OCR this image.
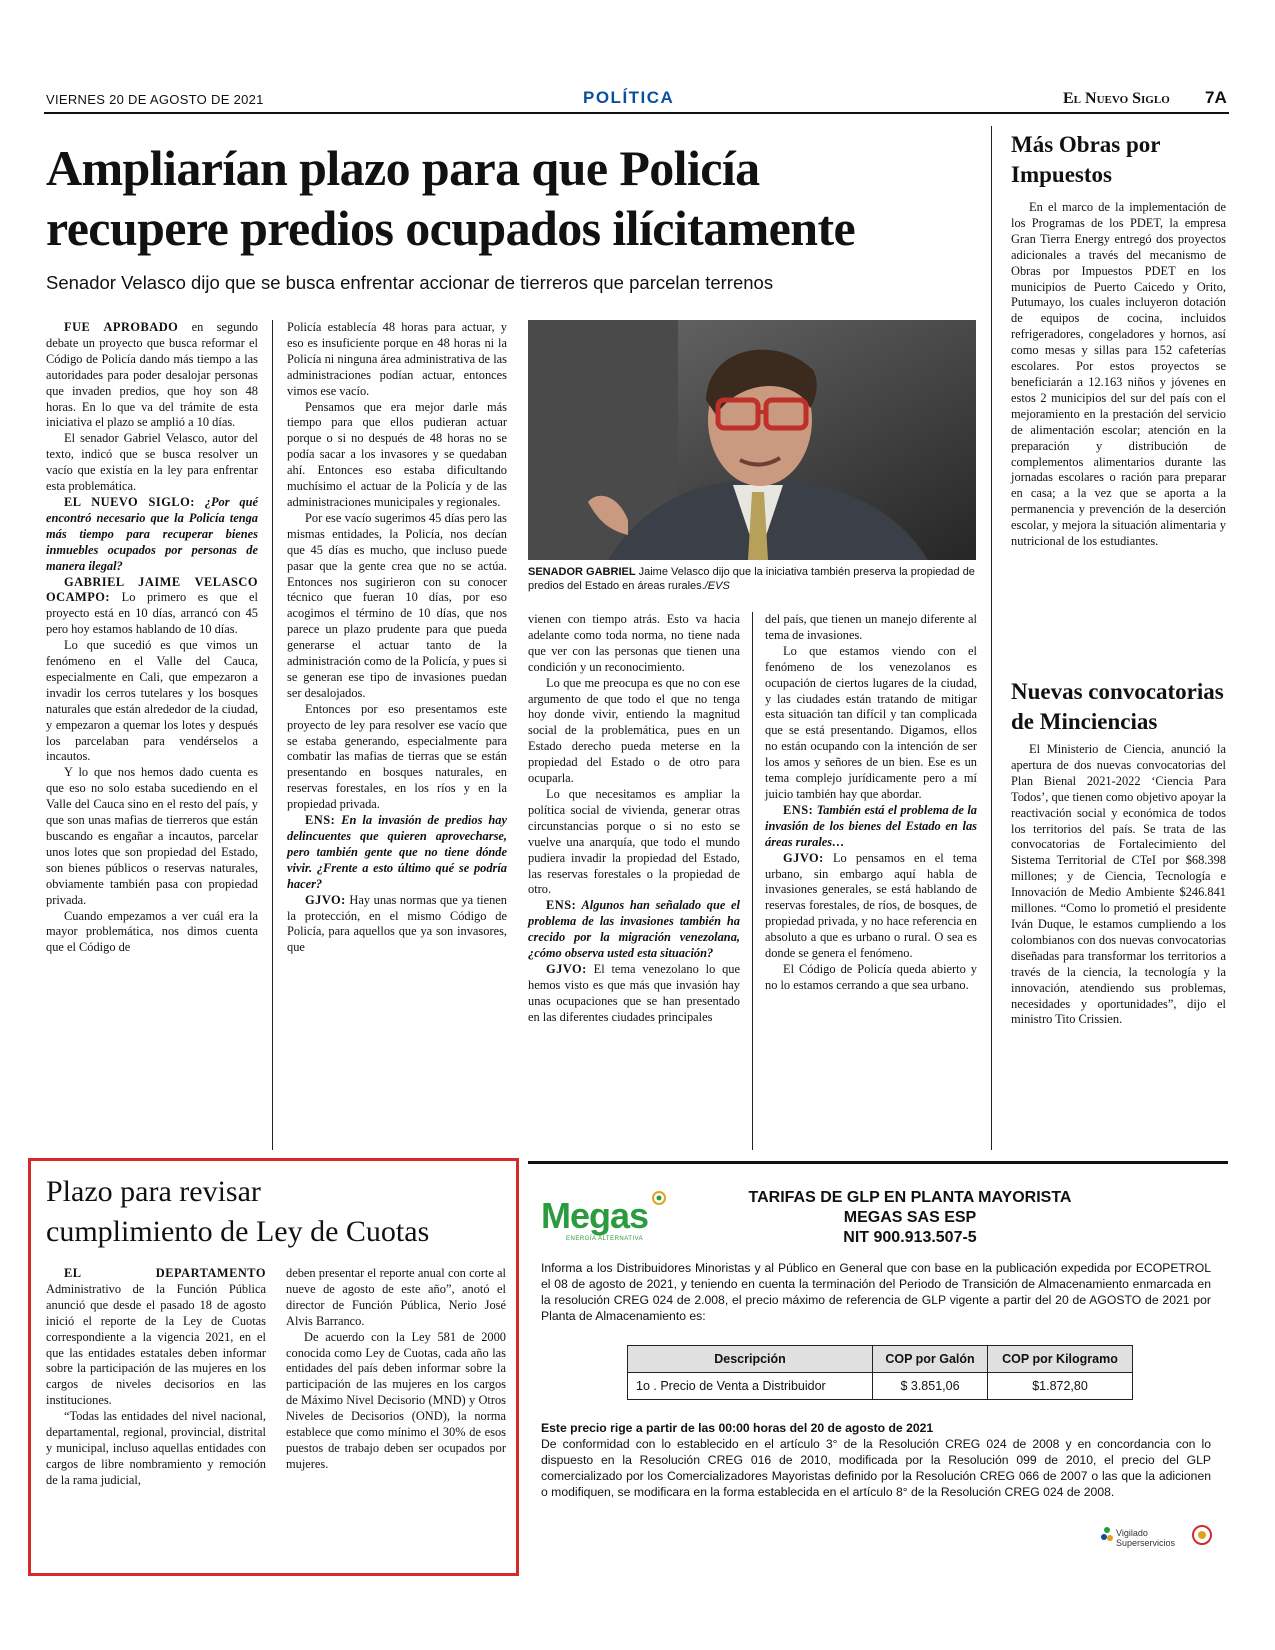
VIERNES 20 DE AGOSTO DE 2021	POLÍTICA	El Nuevo Siglo 7A
Ampliarían plazo para que Policía
recupere predios ocupados ilícitamente
Senador Velasco dijo que se busca enfrentar accionar de tierreros que parcelan terrenos

FUE APROBADO en segundo debate un proyecto que busca reformar el Código de Policía dando más tiempo a las autoridades para poder desalojar personas que invaden predios, que hoy son 48 horas. En lo que va del trámite de esta iniciativa el plazo se amplió a 10 días.

El senador Gabriel Velasco, autor del texto, indicó que se busca resolver un vacío que existía en la ley para enfrentar esta problemática.

EL NUEVO SIGLO: ¿Por qué encontró necesario que la Policía tenga más tiempo para recuperar bienes inmuebles ocupados por personas de manera ilegal?

GABRIEL JAIME VELASCO OCAMPO: Lo primero es que el proyecto está en 10 días, arrancó con 45 pero hoy estamos hablando de 10 días.

Lo que sucedió es que vimos un fenómeno en el Valle del Cauca, especialmente en Cali, que empezaron a invadir los cerros tutelares y los bosques naturales que están alrededor de la ciudad, y empezaron a quemar los lotes y después los parcelaban para vendérselos a incautos.

Y lo que nos hemos dado cuenta es que eso no solo estaba sucediendo en el Valle del Cauca sino en el resto del país, y que son unas mafias de tierreros que están buscando es engañar a incautos, parcelar unos lotes que son propiedad del Estado, son bienes públicos o reservas naturales, obviamente también pasa con propiedad privada.

Cuando empezamos a ver cuál era la mayor problemática, nos dimos cuenta que el Código de

Policía establecía 48 horas para actuar, y eso es insuficiente porque en 48 horas ni la Policía ni ninguna área administrativa de las administraciones podían actuar, entonces vimos ese vacío.

Pensamos que era mejor darle más tiempo para que ellos pudieran actuar porque o si no después de 48 horas no se podía sacar a los invasores y se quedaban ahí. Entonces eso estaba dificultando muchísimo el actuar de la Policía y de las administraciones municipales y regionales.

Por ese vacío sugerimos 45 días pero las mismas entidades, la Policía, nos decían que 45 días es mucho, que incluso puede pasar que la gente crea que no se actúa. Entonces nos sugirieron con su conocer técnico que fueran 10 días, por eso acogimos el término de 10 días, que nos parece un plazo prudente para que pueda generarse el actuar tanto de la administración como de la Policía, y pues si se generan ese tipo de invasiones puedan ser desalojados.

Entonces por eso presentamos este proyecto de ley para resolver ese vacío que se estaba generando, especialmente para combatir las mafias de tierras que se están presentando en bosques naturales, en reservas forestales, en los ríos y en la propiedad privada.

ENS: En la invasión de predios hay delincuentes que quieren aprovecharse, pero también gente que no tiene dónde vivir. ¿Frente a esto último qué se podría hacer?

GJVO: Hay unas normas que ya tienen la protección, en el mismo Código de Policía, para aquellos que ya son invasores, que

SENADOR GABRIEL Jaime Velasco dijo que la iniciativa también preserva la propiedad de predios del Estado en áreas rurales./EVS

vienen con tiempo atrás. Esto va hacia adelante como toda norma, no tiene nada que ver con las personas que tienen una condición y un reconocimiento.

Lo que me preocupa es que no con ese argumento de que todo el que no tenga hoy donde vivir, entiendo la magnitud social de la problemática, pues en un Estado derecho pueda meterse en la propiedad del Estado o de otro para ocuparla.

Lo que necesitamos es ampliar la política social de vivienda, generar otras circunstancias porque o si no esto se vuelve una anarquía, que todo el mundo pudiera invadir la propiedad del Estado, las reservas forestales o la propiedad de otro.

ENS: Algunos han señalado que el problema de las invasiones también ha crecido por la migración venezolana, ¿cómo observa usted esta situación?

GJVO: El tema venezolano lo que hemos visto es que más que invasión hay unas ocupaciones que se han presentado en las diferentes ciudades principales

del país, que tienen un manejo diferente al tema de invasiones.

Lo que estamos viendo con el fenómeno de los venezolanos es ocupación de ciertos lugares de la ciudad, y las ciudades están tratando de mitigar esta situación tan difícil y tan complicada que se está presentando. Digamos, ellos no están ocupando con la intención de ser los amos y señores de un bien. Ese es un tema complejo jurídicamente pero a mí juicio también hay que abordar.

ENS: También está el problema de la invasión de los bienes del Estado en las áreas rurales…

GJVO: Lo pensamos en el tema urbano, sin embargo aquí habla de invasiones generales, se está hablando de reservas forestales, de ríos, de bosques, de propiedad privada, y no hace referencia en absoluto a que es urbano o rural. O sea es donde se genera el fenómeno.

El Código de Policía queda abierto y no lo estamos cerrando a que sea urbano.

Más Obras por Impuestos

En el marco de la implementación de los Programas de los PDET, la empresa Gran Tierra Energy entregó dos proyectos adicionales a través del mecanismo de Obras por Impuestos PDET en los municipios de Puerto Caicedo y Orito, Putumayo, los cuales incluyeron dotación de equipos de cocina, incluidos refrigeradores, congeladores y hornos, así como mesas y sillas para 152 cafeterías escolares. Por estos proyectos se beneficiarán a 12.163 niños y jóvenes en estos 2 municipios del sur del país con el mejoramiento en la prestación del servicio de alimentación escolar; atención en la preparación y distribución de complementos alimentarios durante las jornadas escolares o ración para preparar en casa; a la vez que se aporta a la permanencia y prevención de la deserción escolar, y mejora la situación alimentaria y nutricional de los estudiantes.

Nuevas convocatorias de Minciencias

El Ministerio de Ciencia, anunció la apertura de dos nuevas convocatorias del Plan Bienal 2021-2022 ‘Ciencia Para Todos’, que tienen como objetivo apoyar la reactivación social y económica de todos los territorios del país. Se trata de las convocatorias de Fortalecimiento del Sistema Territorial de CTeI por $68.398 millones; y de Ciencia, Tecnología e Innovación de Medio Ambiente $246.841 millones. “Como lo prometió el presidente Iván Duque, le estamos cumpliendo a los colombianos con dos nuevas convocatorias diseñadas para transformar los territorios a través de la ciencia, la tecnología y la innovación, atendiendo sus problemas, necesidades y oportunidades”, dijo el ministro Tito Crissien.

Plazo para revisar
cumplimiento de Ley de Cuotas

EL DEPARTAMENTO Administrativo de la Función Pública anunció que desde el pasado 18 de agosto inició el reporte de la Ley de Cuotas correspondiente a la vigencia 2021, en el que las entidades estatales deben informar sobre la participación de las mujeres en los cargos de niveles decisorios en las instituciones.

“Todas las entidades del nivel nacional, departamental, regional, provincial, distrital y municipal, incluso aquellas entidades con cargos de libre nombramiento y remoción de la rama judicial,

deben presentar el reporte anual con corte al nueve de agosto de este año”, anotó el director de Función Pública, Nerio José Alvis Barranco.

De acuerdo con la Ley 581 de 2000 conocida como Ley de Cuotas, cada año las entidades del país deben informar sobre la participación de las mujeres en los cargos de Máximo Nivel Decisorio (MND) y Otros Niveles de Decisorios (OND), la norma establece que como mínimo el 30% de esos puestos de trabajo deben ser ocupados por mujeres.

Megas
ENERGÍA ALTERNATIVA
TARIFAS DE GLP EN PLANTA MAYORISTA
MEGAS SAS ESP
NIT 900.913.507-5
Informa a los Distribuidores Minoristas y al Público en General que con base en la publicación expedida por ECOPETROL el 08 de agosto de 2021, y teniendo en cuenta la terminación del Periodo de Transición de Almacenamiento enmarcada en la resolución CREG 024 de 2.008, el precio máximo de referencia de GLP vigente a partir del 20 de AGOSTO de 2021 por Planta de Almacenamiento es:
Descripción	COP por Galón	COP por Kilogramo
1o . Precio de Venta a Distribuidor	$ 3.851,06	$1.872,80
Este precio rige a partir de las 00:00 horas del 20 de agosto de 2021
De conformidad con lo establecido en el artículo 3° de la Resolución CREG 024 de 2008 y en concordancia con lo dispuesto en la Resolución CREG 016 de 2010, modificada por la Resolución 099 de 2010, el precio del GLP comercializado por los Comercializadores Mayoristas definido por la Resolución CREG 066 de 2007 o las que la adicionen o modifiquen, se modificara en la forma establecida en el artículo 8° de la Resolución CREG 024 de 2008.
Vigilado
Superservicios
